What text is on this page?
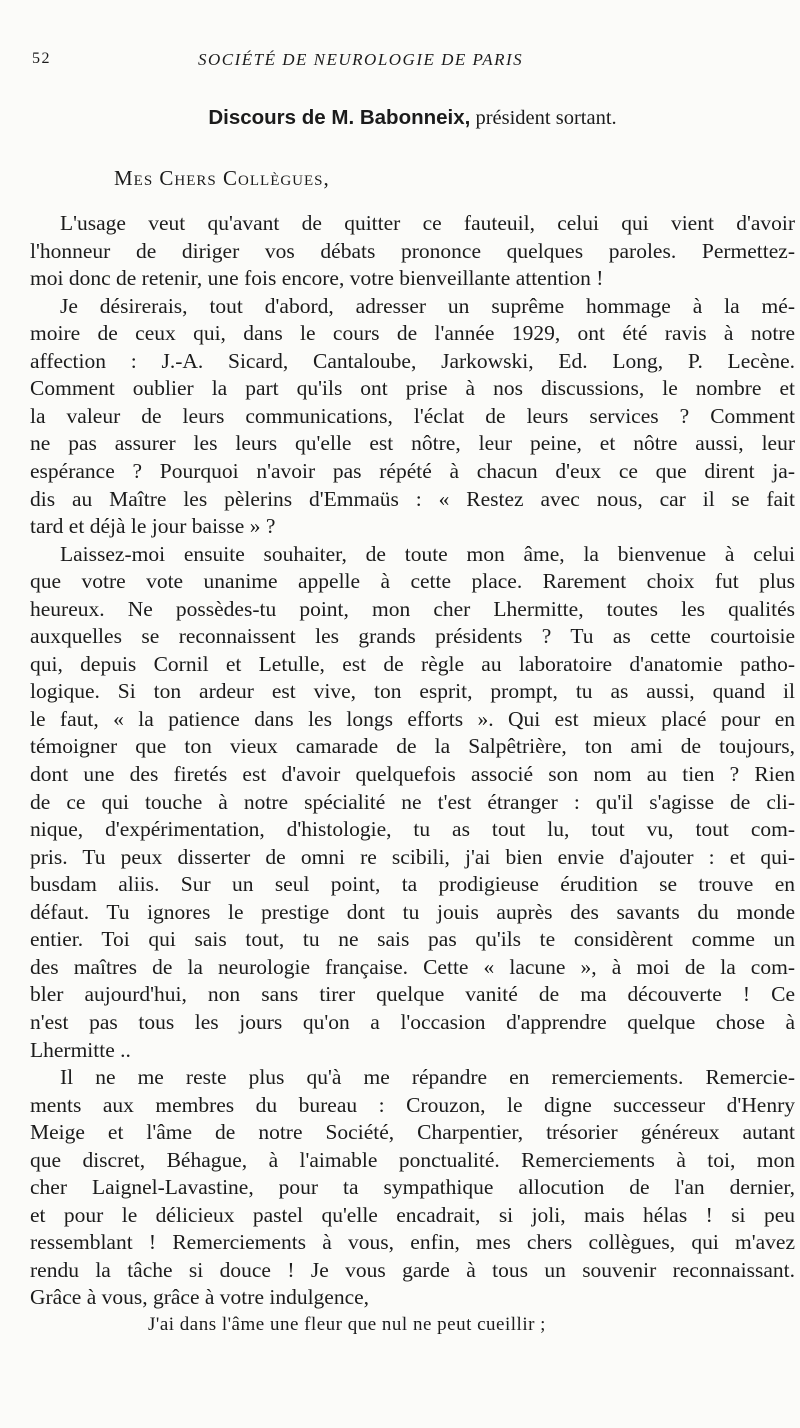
52	SOCIÉTÉ DE NEUROLOGIE DE PARIS
Discours de M. Babonneix, président sortant.
Mes Chers Collègues,
L'usage veut qu'avant de quitter ce fauteuil, celui qui vient d'avoir
l'honneur de diriger vos débats prononce quelques paroles. Permettez-
moi donc de retenir, une fois encore, votre bienveillante attention !
Je désirerais, tout d'abord, adresser un suprême hommage à la mé-
moire de ceux qui, dans le cours de l'année 1929, ont été ravis à notre
affection : J.-A. Sicard, Cantaloube, Jarkowski, Ed. Long, P. Lecène.
Comment oublier la part qu'ils ont prise à nos discussions, le nombre et
la valeur de leurs communications, l'éclat de leurs services ? Comment
ne pas assurer les leurs qu'elle est nôtre, leur peine, et nôtre aussi, leur
espérance ? Pourquoi n'avoir pas répété à chacun d'eux ce que dirent ja-
dis au Maître les pèlerins d'Emmaüs : « Restez avec nous, car il se fait
tard et déjà le jour baisse » ?
Laissez-moi ensuite souhaiter, de toute mon âme, la bienvenue à celui
que votre vote unanime appelle à cette place. Rarement choix fut plus
heureux. Ne possèdes-tu point, mon cher Lhermitte, toutes les qualités
auxquelles se reconnaissent les grands présidents ? Tu as cette courtoisie
qui, depuis Cornil et Letulle, est de règle au laboratoire d'anatomie patho-
logique. Si ton ardeur est vive, ton esprit, prompt, tu as aussi, quand il
le faut, « la patience dans les longs efforts ». Qui est mieux placé pour en
témoigner que ton vieux camarade de la Salpêtrière, ton ami de toujours,
dont une des firetés est d'avoir quelquefois associé son nom au tien ? Rien
de ce qui touche à notre spécialité ne t'est étranger : qu'il s'agisse de cli-
nique, d'expérimentation, d'histologie, tu as tout lu, tout vu, tout com-
pris. Tu peux disserter de omni re scibili, j'ai bien envie d'ajouter : et qui-
busdam aliis. Sur un seul point, ta prodigieuse érudition se trouve en
défaut. Tu ignores le prestige dont tu jouis auprès des savants du monde
entier. Toi qui sais tout, tu ne sais pas qu'ils te considèrent comme un
des maîtres de la neurologie française. Cette « lacune », à moi de la com-
bler aujourd'hui, non sans tirer quelque vanité de ma découverte ! Ce
n'est pas tous les jours qu'on a l'occasion d'apprendre quelque chose à
Lhermitte ..
Il ne me reste plus qu'à me répandre en remerciements. Remercie-
ments aux membres du bureau : Crouzon, le digne successeur d'Henry
Meige et l'âme de notre Société, Charpentier, trésorier généreux autant
que discret, Béhague, à l'aimable ponctualité. Remerciements à toi, mon
cher Laignel-Lavastine, pour ta sympathique allocution de l'an dernier,
et pour le délicieux pastel qu'elle encadrait, si joli, mais hélas ! si peu
ressemblant ! Remerciements à vous, enfin, mes chers collègues, qui m'avez
rendu la tâche si douce ! Je vous garde à tous un souvenir reconnaissant.
Grâce à vous, grâce à votre indulgence,
J'ai dans l'âme une fleur que nul ne peut cueillir ;
